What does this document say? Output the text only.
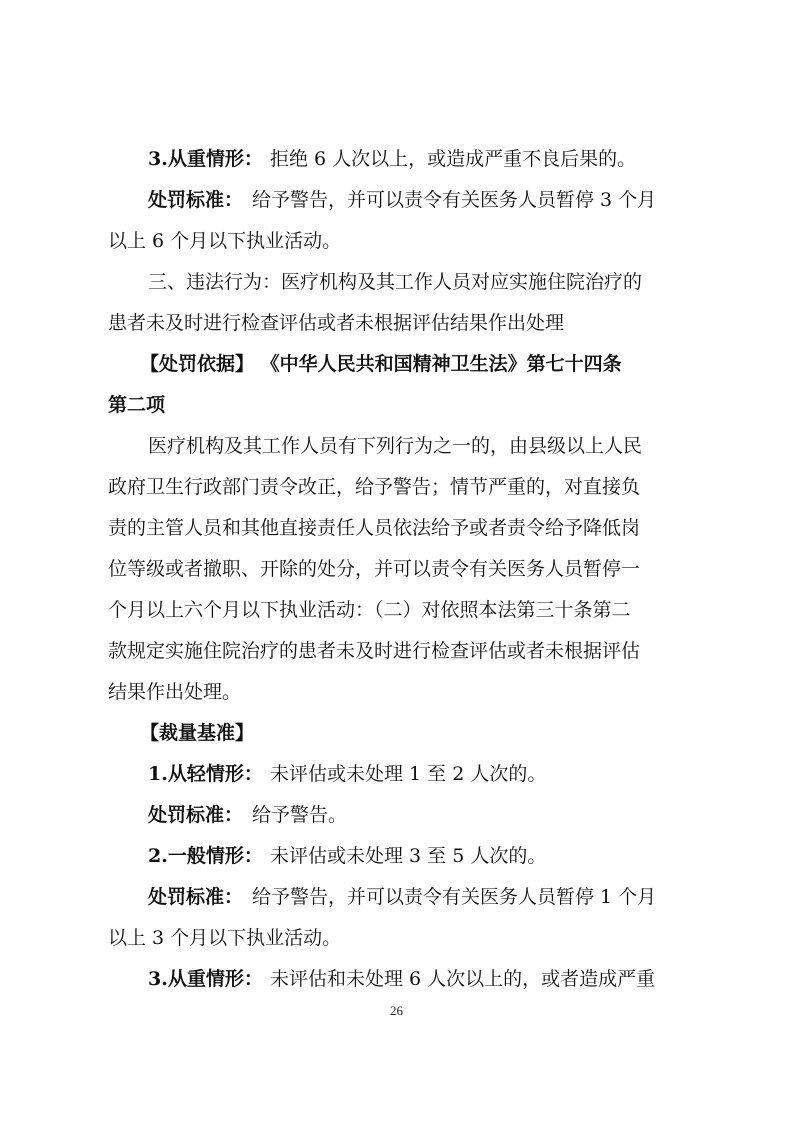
3.从重情形： 拒绝 6 人次以上，或造成严重不良后果的。
处罚标准： 给予警告，并可以责令有关医务人员暂停 3 个月
以上 6 个月以下执业活动。
三、违法行为：医疗机构及其工作人员对应实施住院治疗的
患者未及时进行检查评估或者未根据评估结果作出处理
【处罚依据】 《中华人民共和国精神卫生法》第七十四条
第二项
医疗机构及其工作人员有下列行为之一的，由县级以上人民
政府卫生行政部门责令改正，给予警告；情节严重的，对直接负
责的主管人员和其他直接责任人员依法给予或者责令给予降低岗
位等级或者撤职、开除的处分，并可以责令有关医务人员暂停一
个月以上六个月以下执业活动：（二）对依照本法第三十条第二
款规定实施住院治疗的患者未及时进行检查评估或者未根据评估
结果作出处理。
【裁量基准】
1.从轻情形： 未评估或未处理 1 至 2 人次的。
处罚标准： 给予警告。
2.一般情形： 未评估或未处理 3 至 5 人次的。
处罚标准： 给予警告，并可以责令有关医务人员暂停 1 个月
以上 3 个月以下执业活动。
3.从重情形： 未评估和未处理 6 人次以上的，或者造成严重
26
